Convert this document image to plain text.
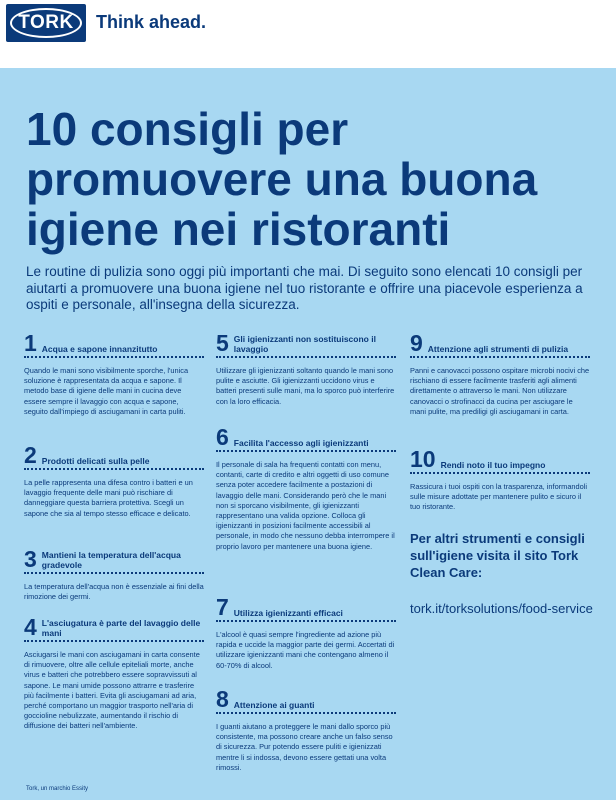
TORK Think ahead.
10 consigli per
promuovere una buona
igiene nei ristoranti

Le routine di pulizia sono oggi più importanti che mai. Di seguito sono elencati 10 consigli per aiutarti a promuovere una buona igiene nel tuo ristorante e offrire una piacevole esperienza a ospiti e personale, all'insegna della sicurezza.

1 Acqua e sapone innanzitutto
Quando le mani sono visibilmente sporche, l'unica soluzione è rappresentata da acqua e sapone. Il metodo base di igiene delle mani in cucina deve essere sempre il lavaggio con acqua e sapone, seguito dall'impiego di asciugamani in carta puliti.
2 Prodotti delicati sulla pelle
La pelle rappresenta una difesa contro i batteri e un lavaggio frequente delle mani può rischiare di danneggiare questa barriera protettiva. Scegli un sapone che sia al tempo stesso efficace e delicato.
3 Mantieni la temperatura dell'acqua gradevole
La temperatura dell'acqua non è essenziale ai fini della rimozione dei germi.
4 L'asciugatura è parte del lavaggio delle mani
Asciugarsi le mani con asciugamani in carta consente di rimuovere, oltre alle cellule epiteliali morte, anche virus e batteri che potrebbero essere sopravvissuti al sapone. Le mani umide possono attrarre e trasferire più facilmente i batteri. Evita gli asciugamani ad aria, perché comportano un maggior trasporto nell'aria di goccioline nebulizzate, aumentando il rischio di diffusione dei batteri nell'ambiente.
5 Gli igienizzanti non sostituiscono il lavaggio
Utilizzare gli igienizzanti soltanto quando le mani sono pulite e asciutte. Gli igienizzanti uccidono virus e batteri presenti sulle mani, ma lo sporco può interferire con la loro efficacia.
6 Facilita l'accesso agli igienizzanti
Il personale di sala ha frequenti contatti con menu, contanti, carte di credito e altri oggetti di uso comune senza poter accedere facilmente a postazioni di lavaggio delle mani. Considerando però che le mani non si sporcano visibilmente, gli igienizzanti rappresentano una valida opzione. Colloca gli igienizzanti in posizioni facilmente accessibili al personale, in modo che nessuno debba interrompere il proprio lavoro per mantenere una buona igiene.
7 Utilizza igienizzanti efficaci
L'alcool è quasi sempre l'ingrediente ad azione più rapida e uccide la maggior parte dei germi. Accertati di utilizzare igienizzanti mani che contengano almeno il 60-70% di alcool.
8 Attenzione ai guanti
I guanti aiutano a proteggere le mani dallo sporco più consistente, ma possono creare anche un falso senso di sicurezza. Pur potendo essere puliti e igienizzati mentre li si indossa, devono essere gettati una volta rimossi.
9 Attenzione agli strumenti di pulizia
Panni e canovacci possono ospitare microbi nocivi che rischiano di essere facilmente trasferiti agli alimenti direttamente o attraverso le mani. Non utilizzare canovacci o strofinacci da cucina per asciugare le mani pulite, ma prediligi gli asciugamani in carta.
10 Rendi noto il tuo impegno
Rassicura i tuoi ospiti con la trasparenza, informandoli sulle misure adottate per mantenere pulito e sicuro il tuo ristorante.
Per altri strumenti e consigli sull'igiene visita il sito Tork Clean Care:
tork.it/torksolutions/food-service
Tork, un marchio Essity
